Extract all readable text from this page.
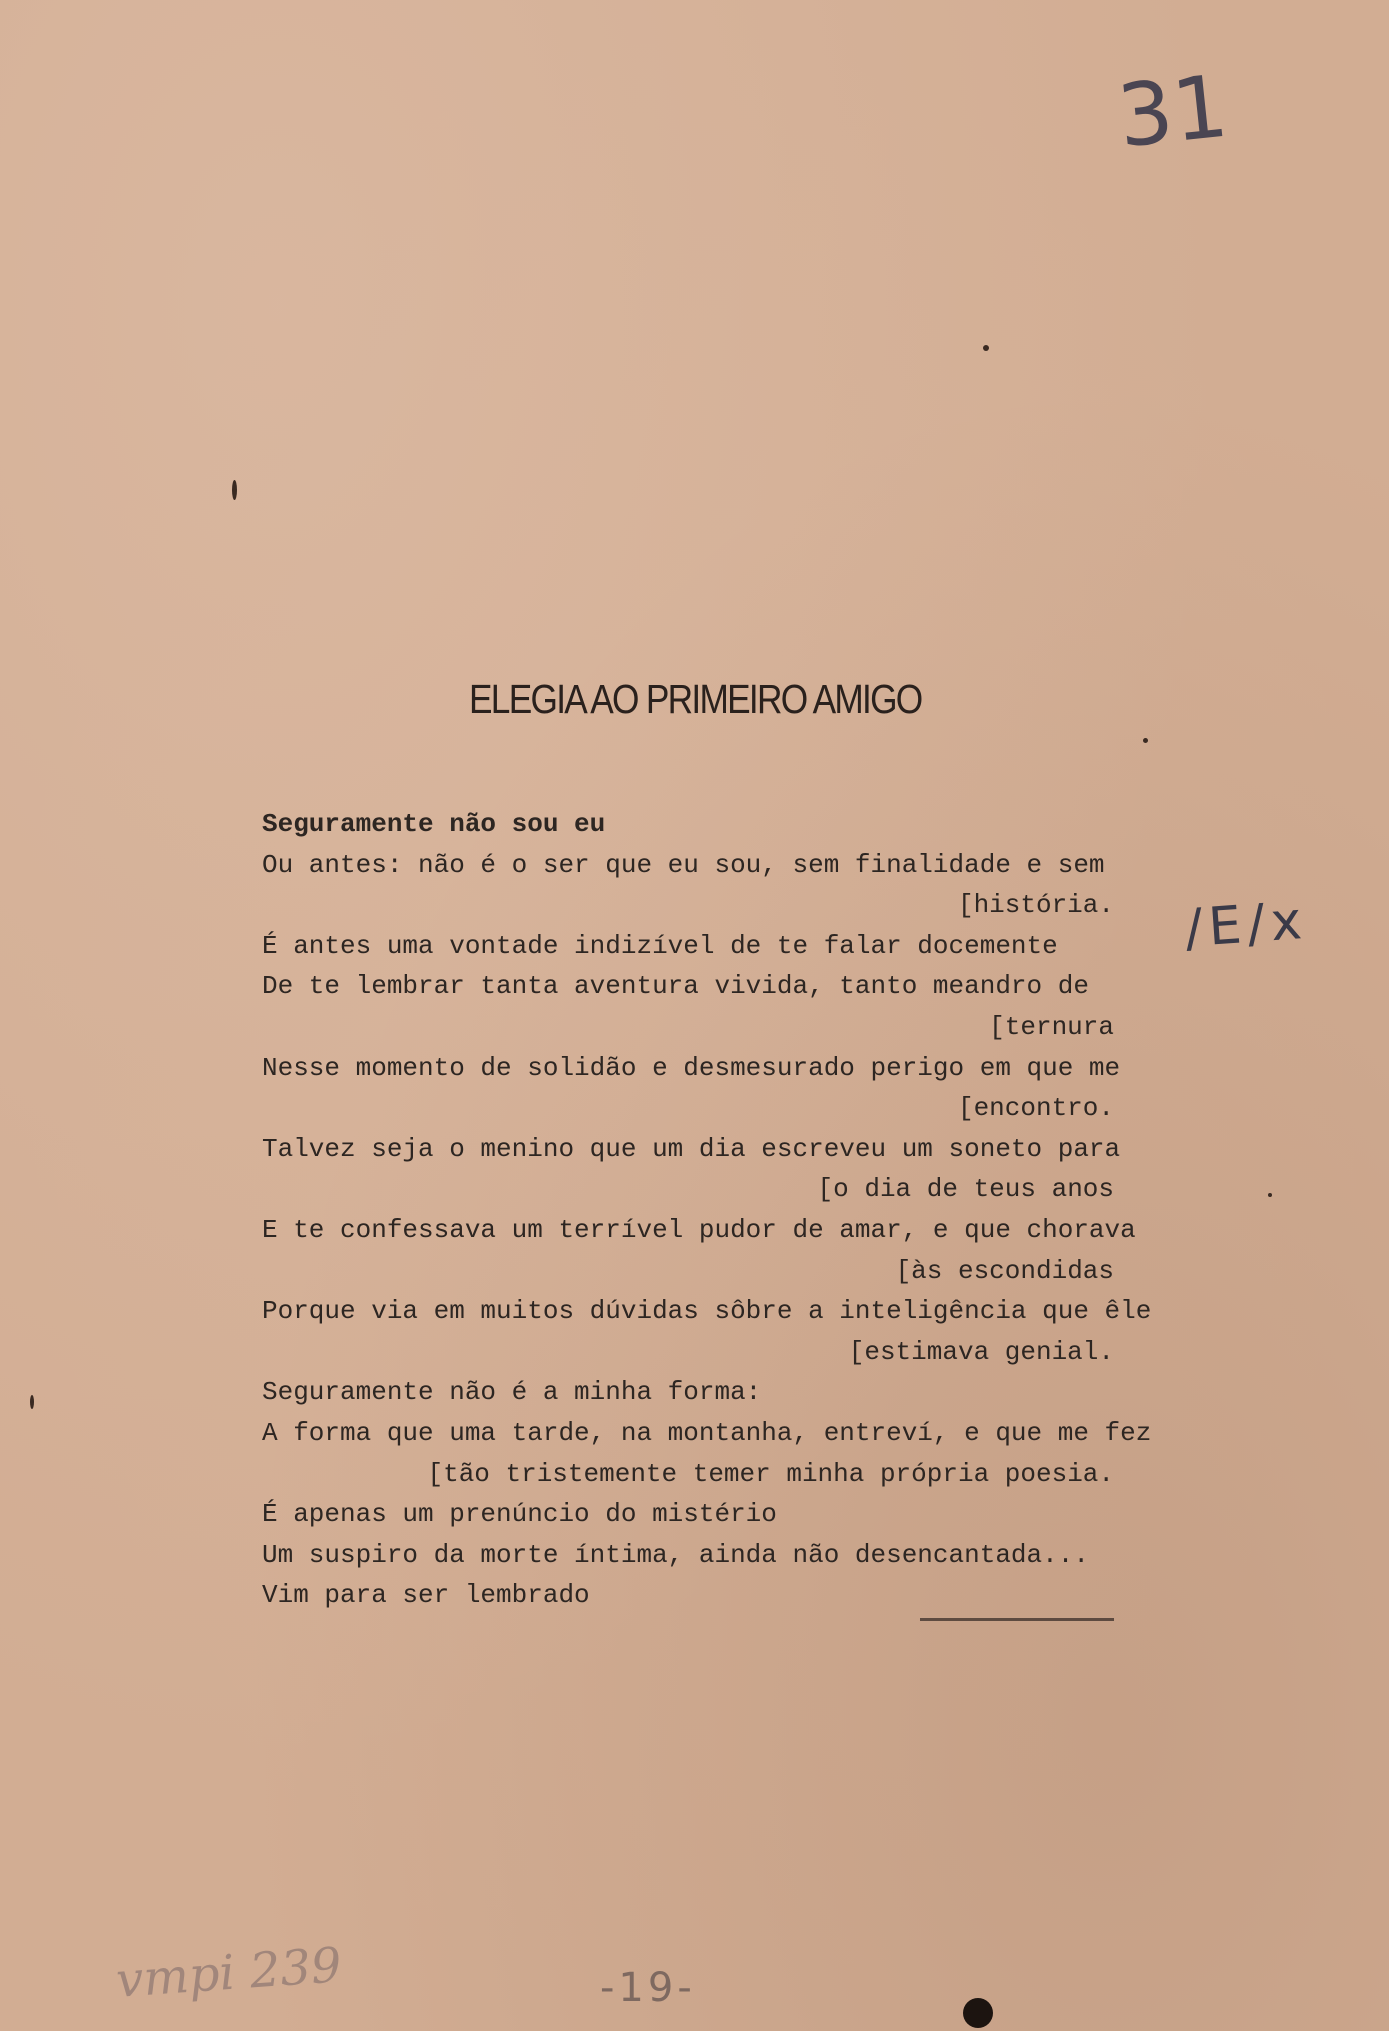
31
ELEGIA AO PRIMEIRO AMIGO
Seguramente não sou eu
Ou antes: não é o ser que eu sou, sem finalidade e sem
[história.
É antes uma vontade indizível de te falar docemente
De te lembrar tanta aventura vivida, tanto meandro de
[ternura
Nesse momento de solidão e desmesurado perigo em que me
[encontro.
Talvez seja o menino que um dia escreveu um soneto para
[o dia de teus anos
E te confessava um terrível pudor de amar, e que chorava
[às escondidas
Porque via em muitos dúvidas sôbre a inteligência que êle
[estimava genial.
Seguramente não é a minha forma:
A forma que uma tarde, na montanha, entreví, e que me fez
[tão tristemente temer minha própria poesia.
É apenas um prenúncio do mistério
Um suspiro da morte íntima, ainda não desencantada...
Vim para ser lembrado
/E/x
vmpi 239	-19-
